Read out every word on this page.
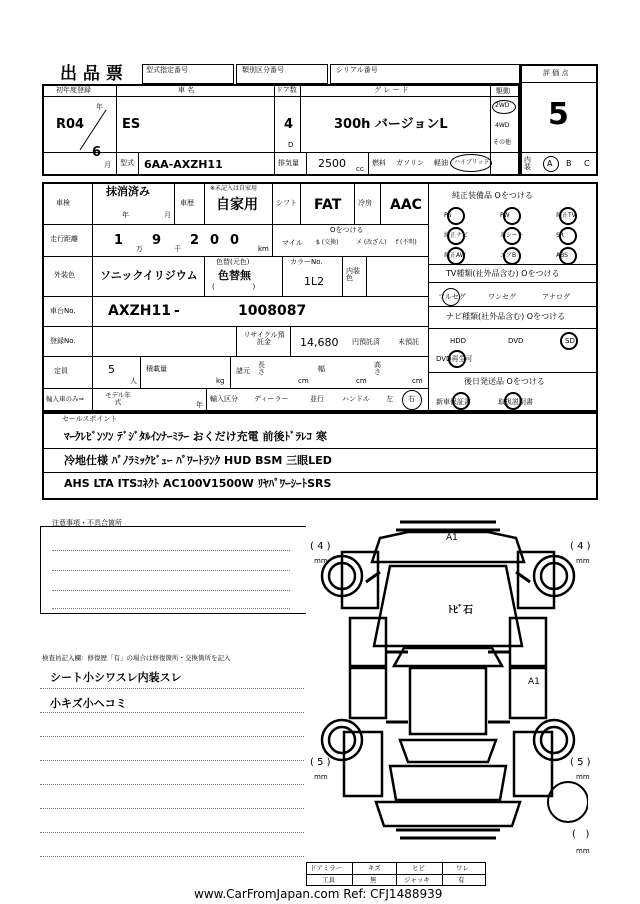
出 品 票	型式指定番号	類別区分番号	シリアル番号	評 価 点
5
内装	A B C
初年度登録
年
R04
6
月
車 名
ES
ドア数
4
D
グ レ ー ド
300h バージョンL
駆動
2WD
4WD
その他
型式 6AA-AXZH11	排気量 2500 cc
燃料 ガソリン 軽油 ハイブリッド
車検
抹消済み
年	月
車歴
※未記入は自家用
自家用	シフト FAT 冷房 AAC
走行距離	1 9 2 0 0
万	千	km
Oをつける
マイル $ (交換)	メ (改ざん) f (不明)
外装色 ソニックイリジウム
色替(元色)
色替無
(                 )
カラーNo.
1L2
内装色
車台No. AXZH11 -	1008087
登録No.
リサイクル預託金	14,680 円預託済	未預託
定員	5
人
積載量
kg
諸元
長さ
cm
幅
cm
高さ
cm
輸入車のみ⇒	モデル年式	年
輸入区分 ディーラー	並行	ハンドル 左 右
純正装備品 Oをつける
PS	PW	純正TV
純正ナビ	革シート	SR
純正AW	エアB	ABS
TV種類(社外品含む) Oをつける
フルセグ	ワンセグ	アナログ
ナビ種類(社外品含む) Oをつける
HDD	DVD	SD
DVD再生可
後日発送品 Oをつける
新車保証書	取扱説明書
セールスポイント
ﾏｰｸﾚﾋﾞﾝｿﾝ ﾃﾞｼﾞﾀﾙｲﾝﾅｰﾐﾗｰ おくだけ充電 前後ﾄﾞﾗﾚｺ 寒
冷地仕様 ﾊﾟﾉﾗﾐｯｸﾋﾞｭｰ ﾊﾟﾜｰﾄﾗﾝｸ HUD BSM 三眼LED
AHS LTA ITSｺﾈｸﾄ AC100V1500W ﾘﾔﾊﾟﾜｰｼｰﾄSRS
注意事項・不具合箇所
検査員記入欄：修復歴「有」の場合は修復箇所・交換箇所を記入
シート小シワスレ内装スレ
小キズ小ヘコミ
A1
ﾄﾋﾞ石
A1
( 4 )
mm
( 4 )
mm
( 5 )
mm
( 5 )
mm
(   )
mm
ドアミラー	キズ	ヒビ	ワレ
工具	無	ジャッキ	有
www.CarFromJapan.com Ref: CFJ1488939
